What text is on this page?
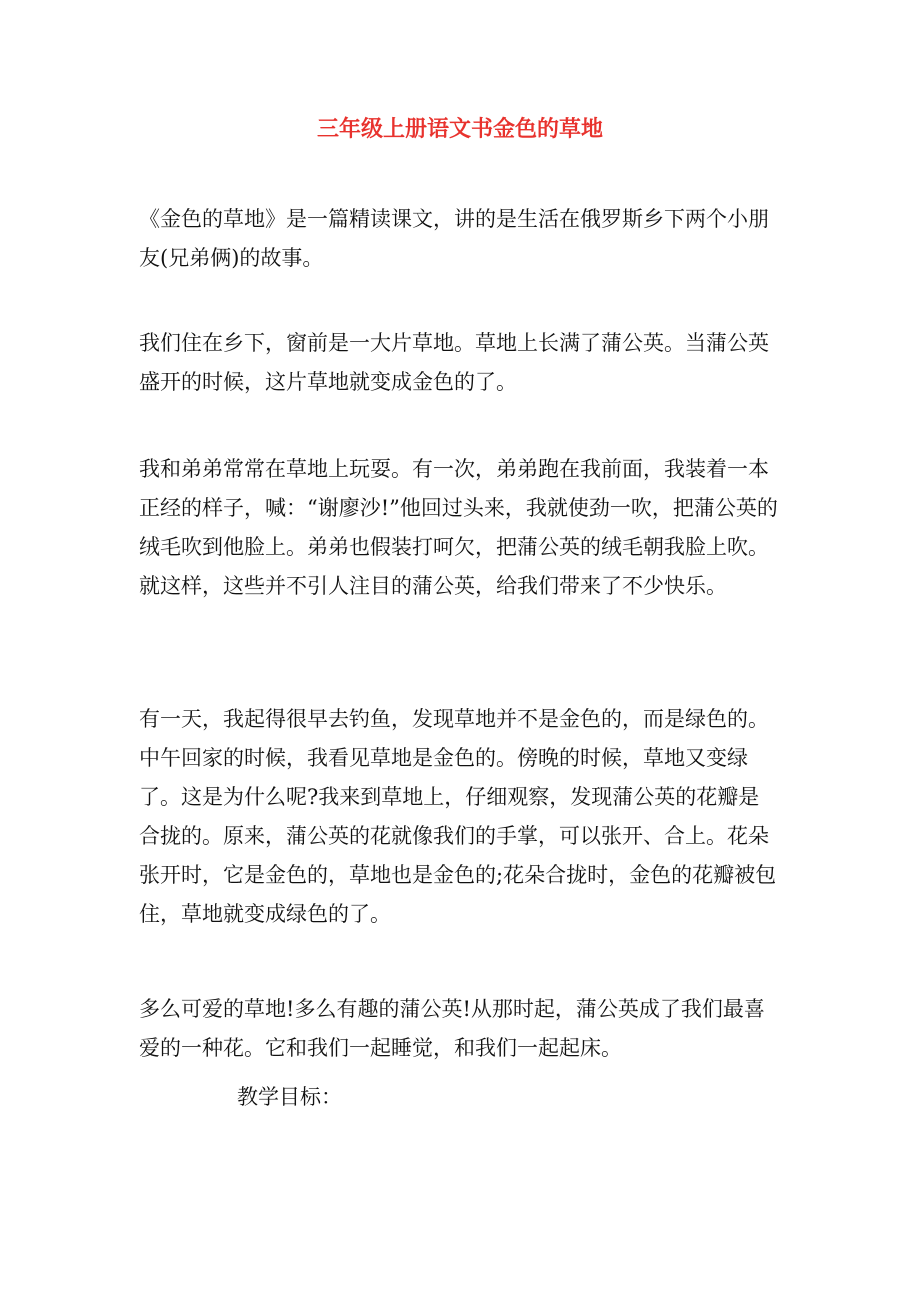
三年级上册语文书金色的草地

《金色的草地》是一篇精读课文，讲的是生活在俄罗斯乡下两个小朋友(兄弟俩)的故事。

我们住在乡下，窗前是一大片草地。草地上长满了蒲公英。当蒲公英盛开的时候，这片草地就变成金色的了。

我和弟弟常常在草地上玩耍。有一次，弟弟跑在我前面，我装着一本正经的样子，喊：“谢廖沙!”他回过头来，我就使劲一吹，把蒲公英的绒毛吹到他脸上。弟弟也假装打呵欠，把蒲公英的绒毛朝我脸上吹。就这样，这些并不引人注目的蒲公英，给我们带来了不少快乐。

有一天，我起得很早去钓鱼，发现草地并不是金色的，而是绿色的。中午回家的时候，我看见草地是金色的。傍晚的时候，草地又变绿了。这是为什么呢?我来到草地上，仔细观察，发现蒲公英的花瓣是合拢的。原来，蒲公英的花就像我们的手掌，可以张开、合上。花朵张开时，它是金色的，草地也是金色的;花朵合拢时，金色的花瓣被包住，草地就变成绿色的了。

多么可爱的草地!多么有趣的蒲公英!从那时起，蒲公英成了我们最喜爱的一种花。它和我们一起睡觉，和我们一起起床。

教学目标：
